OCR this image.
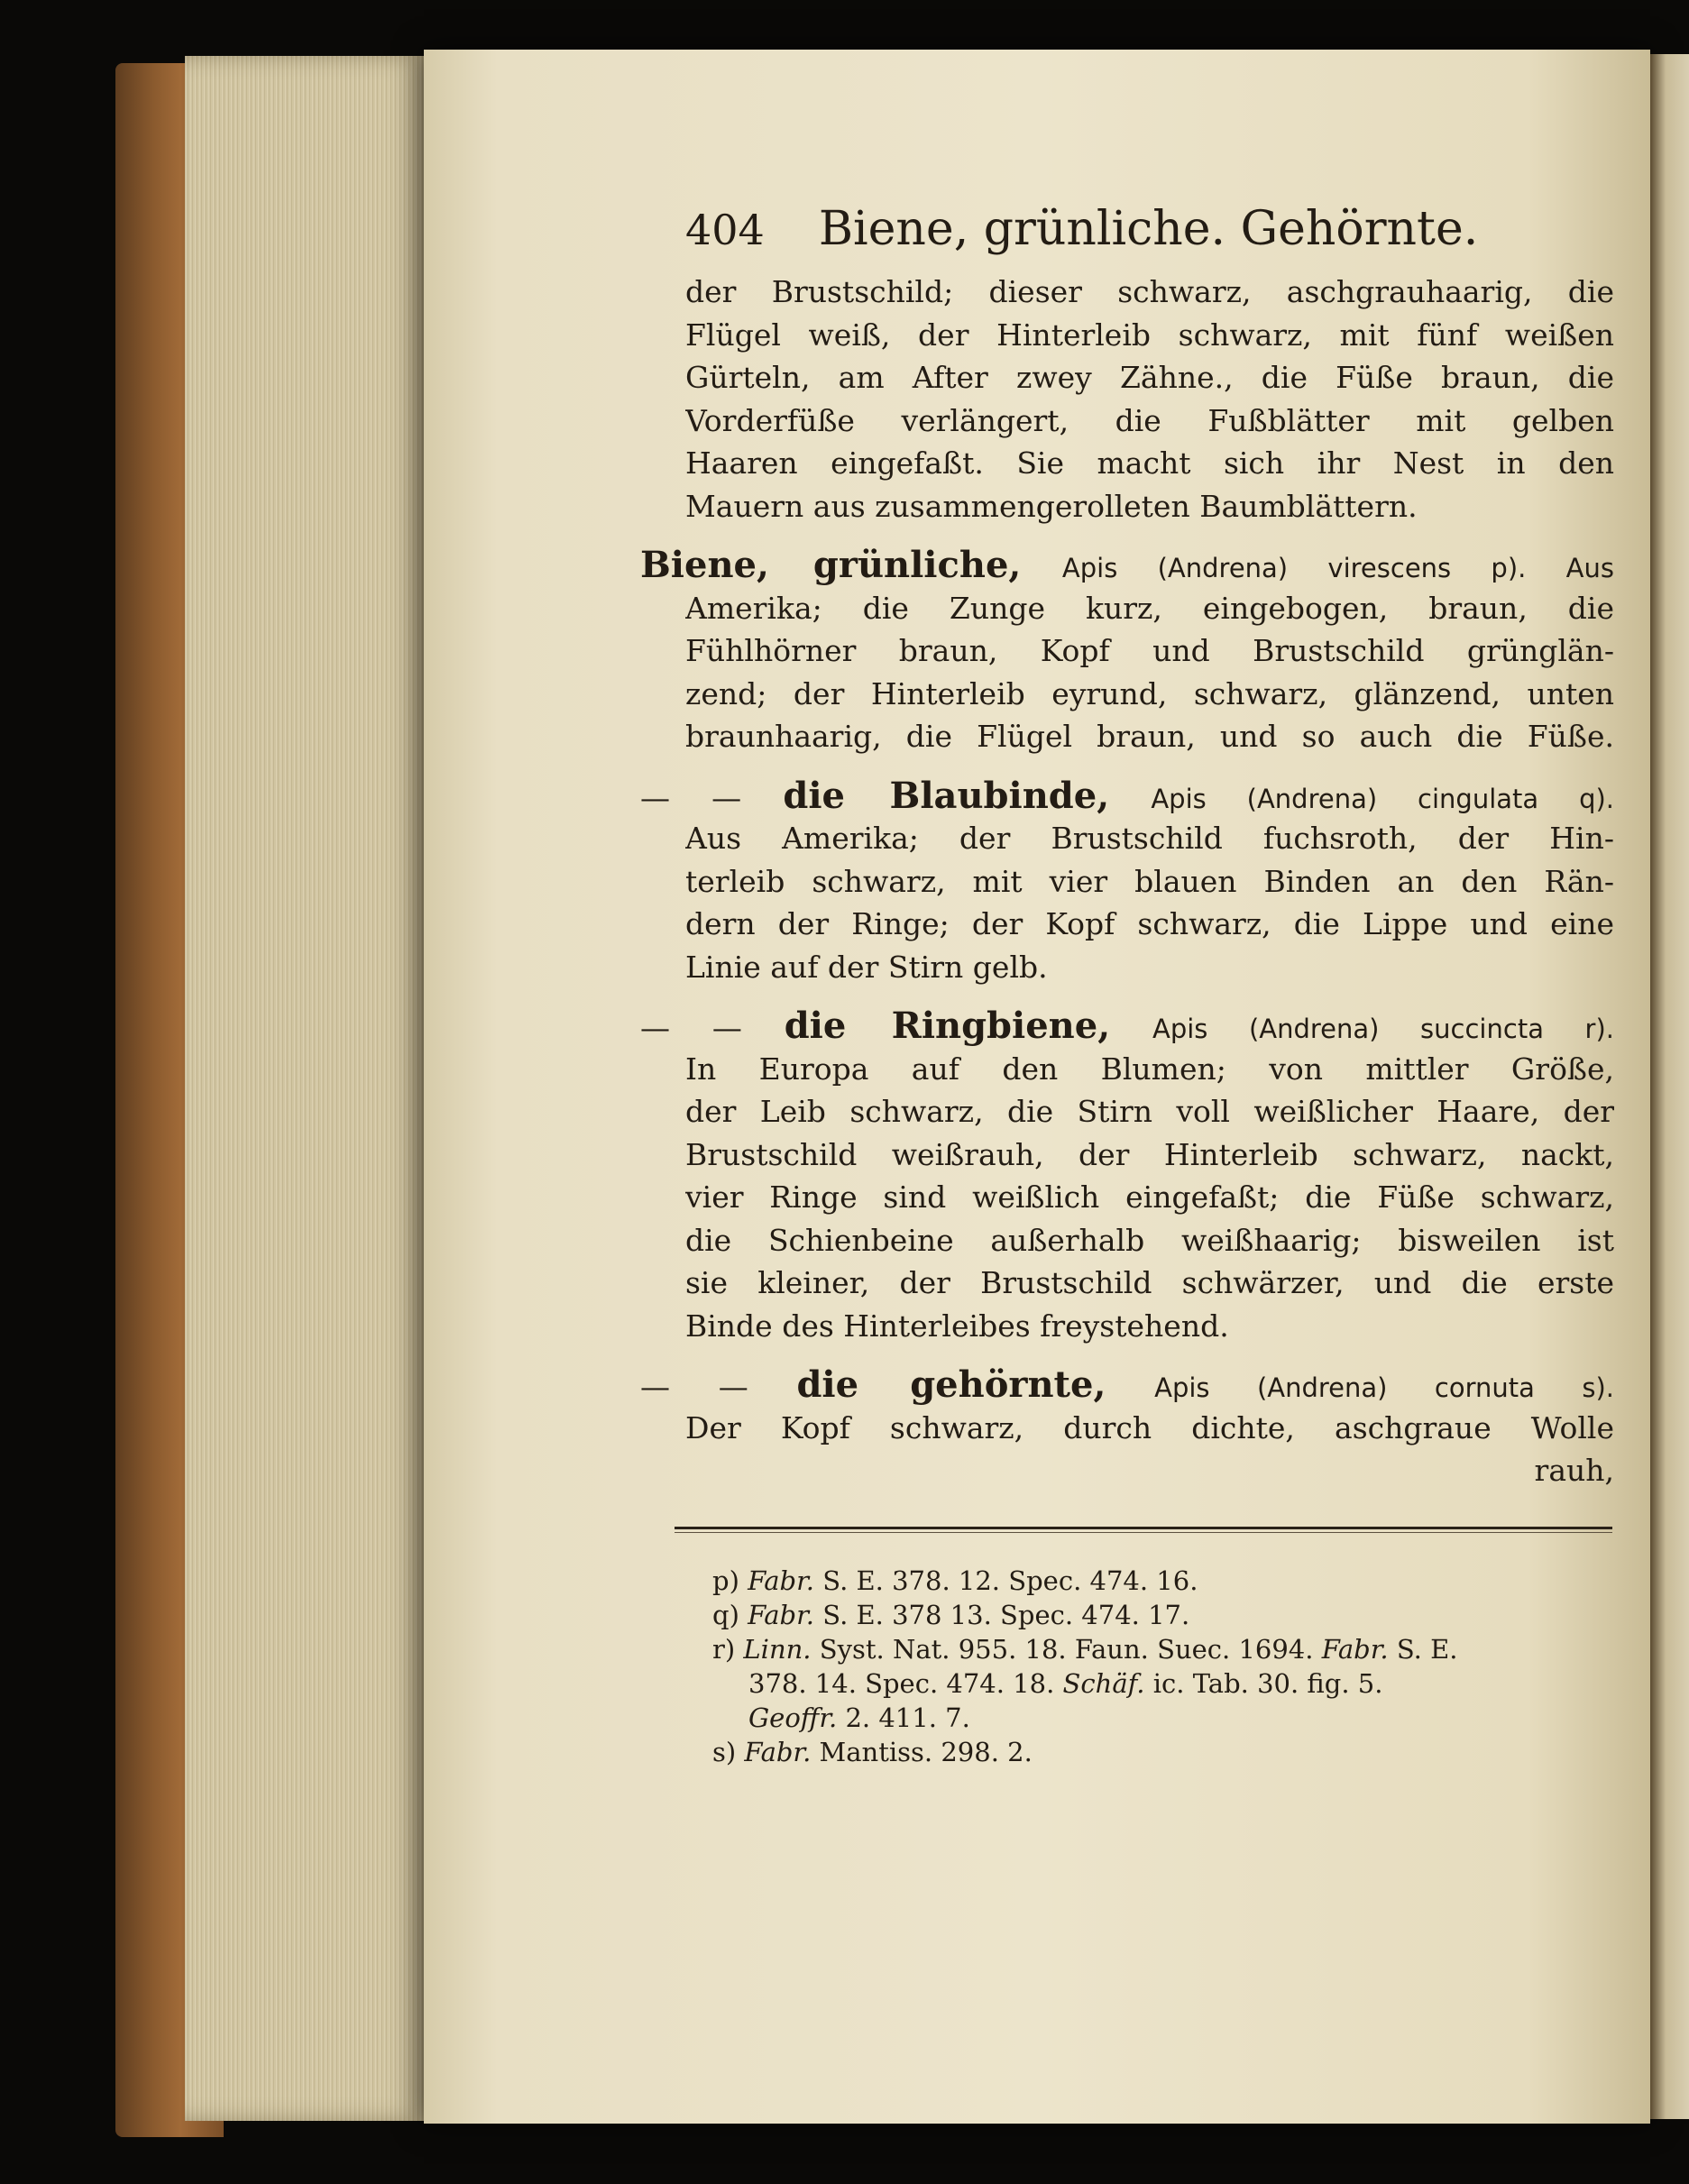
404 Biene, grünliche. Gehörnte.
der Brustschild; dieser schwarz, aschgrauhaarig, die
Flügel weiß, der Hinterleib schwarz, mit fünf weißen
Gürteln, am After zwey Zähne., die Füße braun, die
Vorderfüße verlängert, die Fußblätter mit gelben
Haaren eingefaßt. Sie macht sich ihr Nest in den
Mauern aus zusammengerolleten Baumblättern.
Biene, grünliche, Apis (Andrena) virescens p). Aus
Amerika; die Zunge kurz, eingebogen, braun, die
Fühlhörner braun, Kopf und Brustschild grünglän-
zend; der Hinterleib eyrund, schwarz, glänzend, unten
braunhaarig, die Flügel braun, und so auch die Füße.
— — die Blaubinde, Apis (Andrena) cingulata q).
Aus Amerika; der Brustschild fuchsroth, der Hin-
terleib schwarz, mit vier blauen Binden an den Rän-
dern der Ringe; der Kopf schwarz, die Lippe und eine
Linie auf der Stirn gelb.
— — die Ringbiene, Apis (Andrena) succincta r).
In Europa auf den Blumen; von mittler Größe,
der Leib schwarz, die Stirn voll weißlicher Haare, der
Brustschild weißrauh, der Hinterleib schwarz, nackt,
vier Ringe sind weißlich eingefaßt; die Füße schwarz,
die Schienbeine außerhalb weißhaarig; bisweilen ist
sie kleiner, der Brustschild schwärzer, und die erste
Binde des Hinterleibes freystehend.
— — die gehörnte, Apis (Andrena) cornuta s).
Der Kopf schwarz, durch dichte, aschgraue Wolle
rauh,
p) Fabr. S. E. 378. 12. Spec. 474. 16.
q) Fabr. S. E. 378 13. Spec. 474. 17.
r) Linn. Syst. Nat. 955. 18. Faun. Suec. 1694. Fabr. S. E.
378. 14. Spec. 474. 18. Schäf. ic. Tab. 30. fig. 5.
Geoffr. 2. 411. 7.
s) Fabr. Mantiss. 298. 2.
